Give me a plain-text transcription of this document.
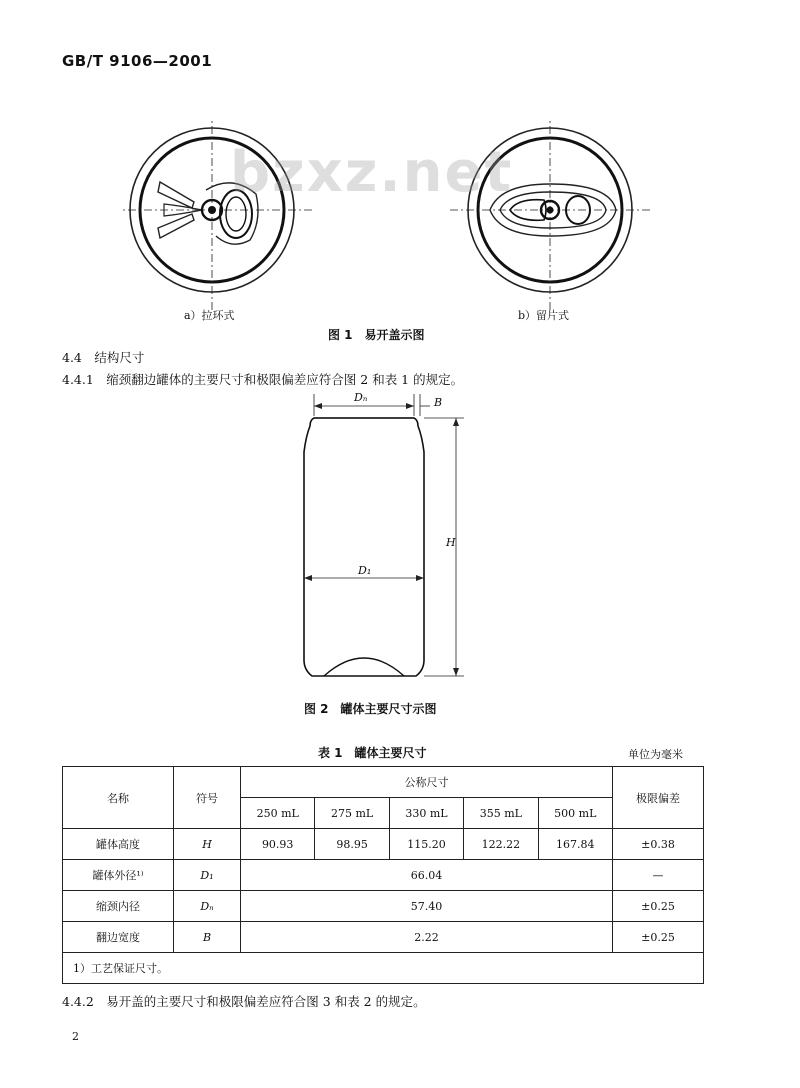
GB/T 9106—2001
bzxz.net
a）拉环式	b）留片式
图 1　易开盖示图
4.4　结构尺寸
4.4.1　缩颈翻边罐体的主要尺寸和极限偏差应符合图 2 和表 1 的规定。
Dₙ	B
D₁
H
图 2　罐体主要尺寸示图
表 1　罐体主要尺寸	单位为毫米
名称	符号	公称尺寸					极限偏差
		250 mL	275 mL	330 mL	355 mL	500 mL	
罐体高度	H	90.93	98.95	115.20	122.22	167.84	±0.38
罐体外径¹⁾	D₁	66.04					—
缩颈内径	Dₙ	57.40					±0.25
翻边宽度	B	2.22					±0.25
1）工艺保证尺寸。							
4.4.2　易开盖的主要尺寸和极限偏差应符合图 3 和表 2 的规定。
2
